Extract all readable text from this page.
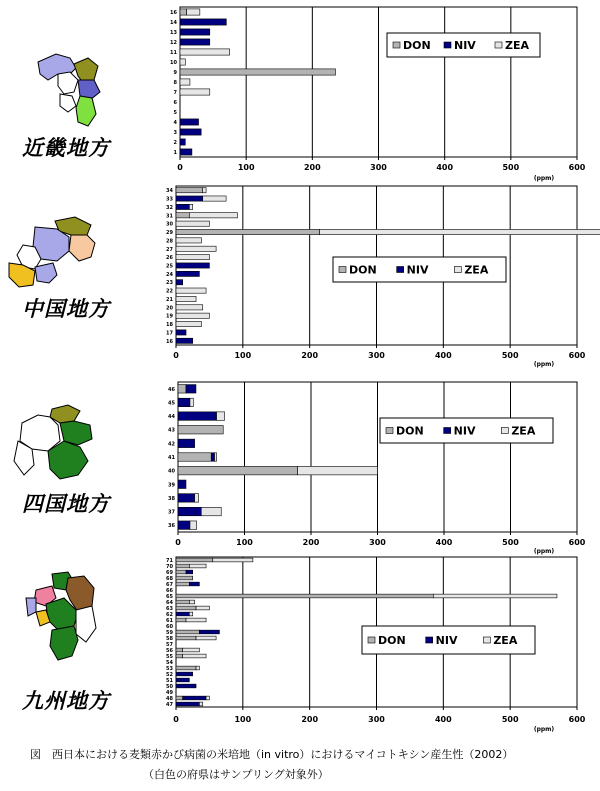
近畿地方
中国地方
四国地方
九州地方
0	100	200	300	400	500	600
(ppm)
16
14
13
12
11
10
9
8
7
6
5
4
3
2
1
DON NIV	ZEA
0	100	200	300	400	500	600
(ppm)
34
33
32
31
30
29
28
27
26
25
24
23
22
21
20
19
18
17
16
DON	NIV	ZEA
0	100	200	300	400	500	600
(ppm)
46
45
44
43
42
41
40
39
38
37
36
DON	NIV	ZEA
0	100	200	300	400	500	600
(ppm)
71
70
69
68
67
66
65
64
63
62
61
60
59
58
57
56
55
54
53
52
51
50
49
48
47
DON	NIV	ZEA
図　西日本における麦類赤かび病菌の米培地（in vitro）におけるマイコトキシン産生性（2002）
（白色の府県はサンプリング対象外）
